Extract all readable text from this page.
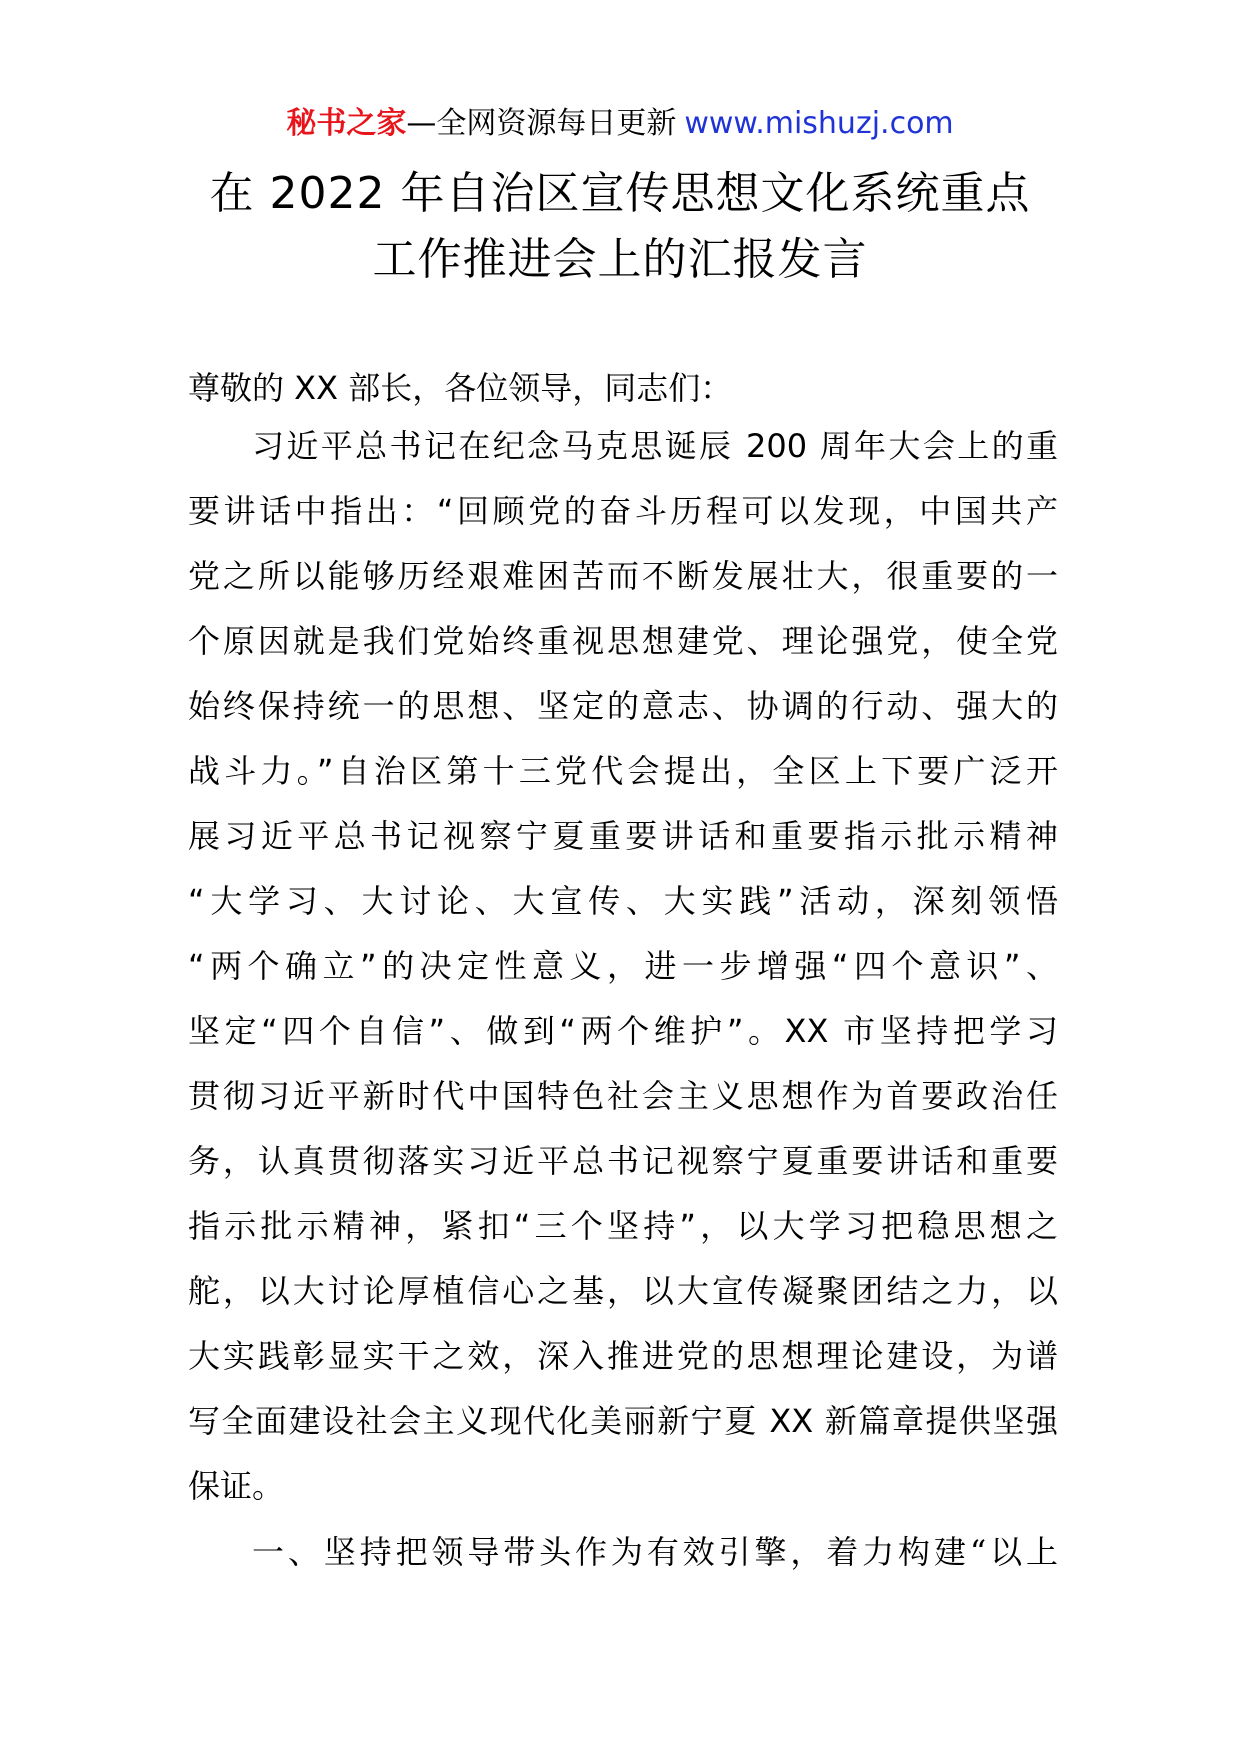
秘书之家—全网资源每日更新 www.mishuzj.com
在 2022 年自治区宣传思想文化系统重点
工作推进会上的汇报发言
尊敬的 XX 部长，各位领导，同志们：
习近平总书记在纪念马克思诞辰 200 周年大会上的重
要讲话中指出：“回顾党的奋斗历程可以发现，中国共产
党之所以能够历经艰难困苦而不断发展壮大，很重要的一
个原因就是我们党始终重视思想建党、理论强党，使全党
始终保持统一的思想、坚定的意志、协调的行动、强大的
战斗力。”自治区第十三党代会提出，全区上下要广泛开
展习近平总书记视察宁夏重要讲话和重要指示批示精神
“大学习、大讨论、大宣传、大实践”活动，深刻领悟
“两个确立”的决定性意义，进一步增强“四个意识”、
坚定“四个自信”、做到“两个维护”。XX 市坚持把学习
贯彻习近平新时代中国特色社会主义思想作为首要政治任
务，认真贯彻落实习近平总书记视察宁夏重要讲话和重要
指示批示精神，紧扣“三个坚持”，以大学习把稳思想之
舵，以大讨论厚植信心之基，以大宣传凝聚团结之力，以
大实践彰显实干之效，深入推进党的思想理论建设，为谱
写全面建设社会主义现代化美丽新宁夏 XX 新篇章提供坚强
保证。
一、坚持把领导带头作为有效引擎，着力构建“以上
